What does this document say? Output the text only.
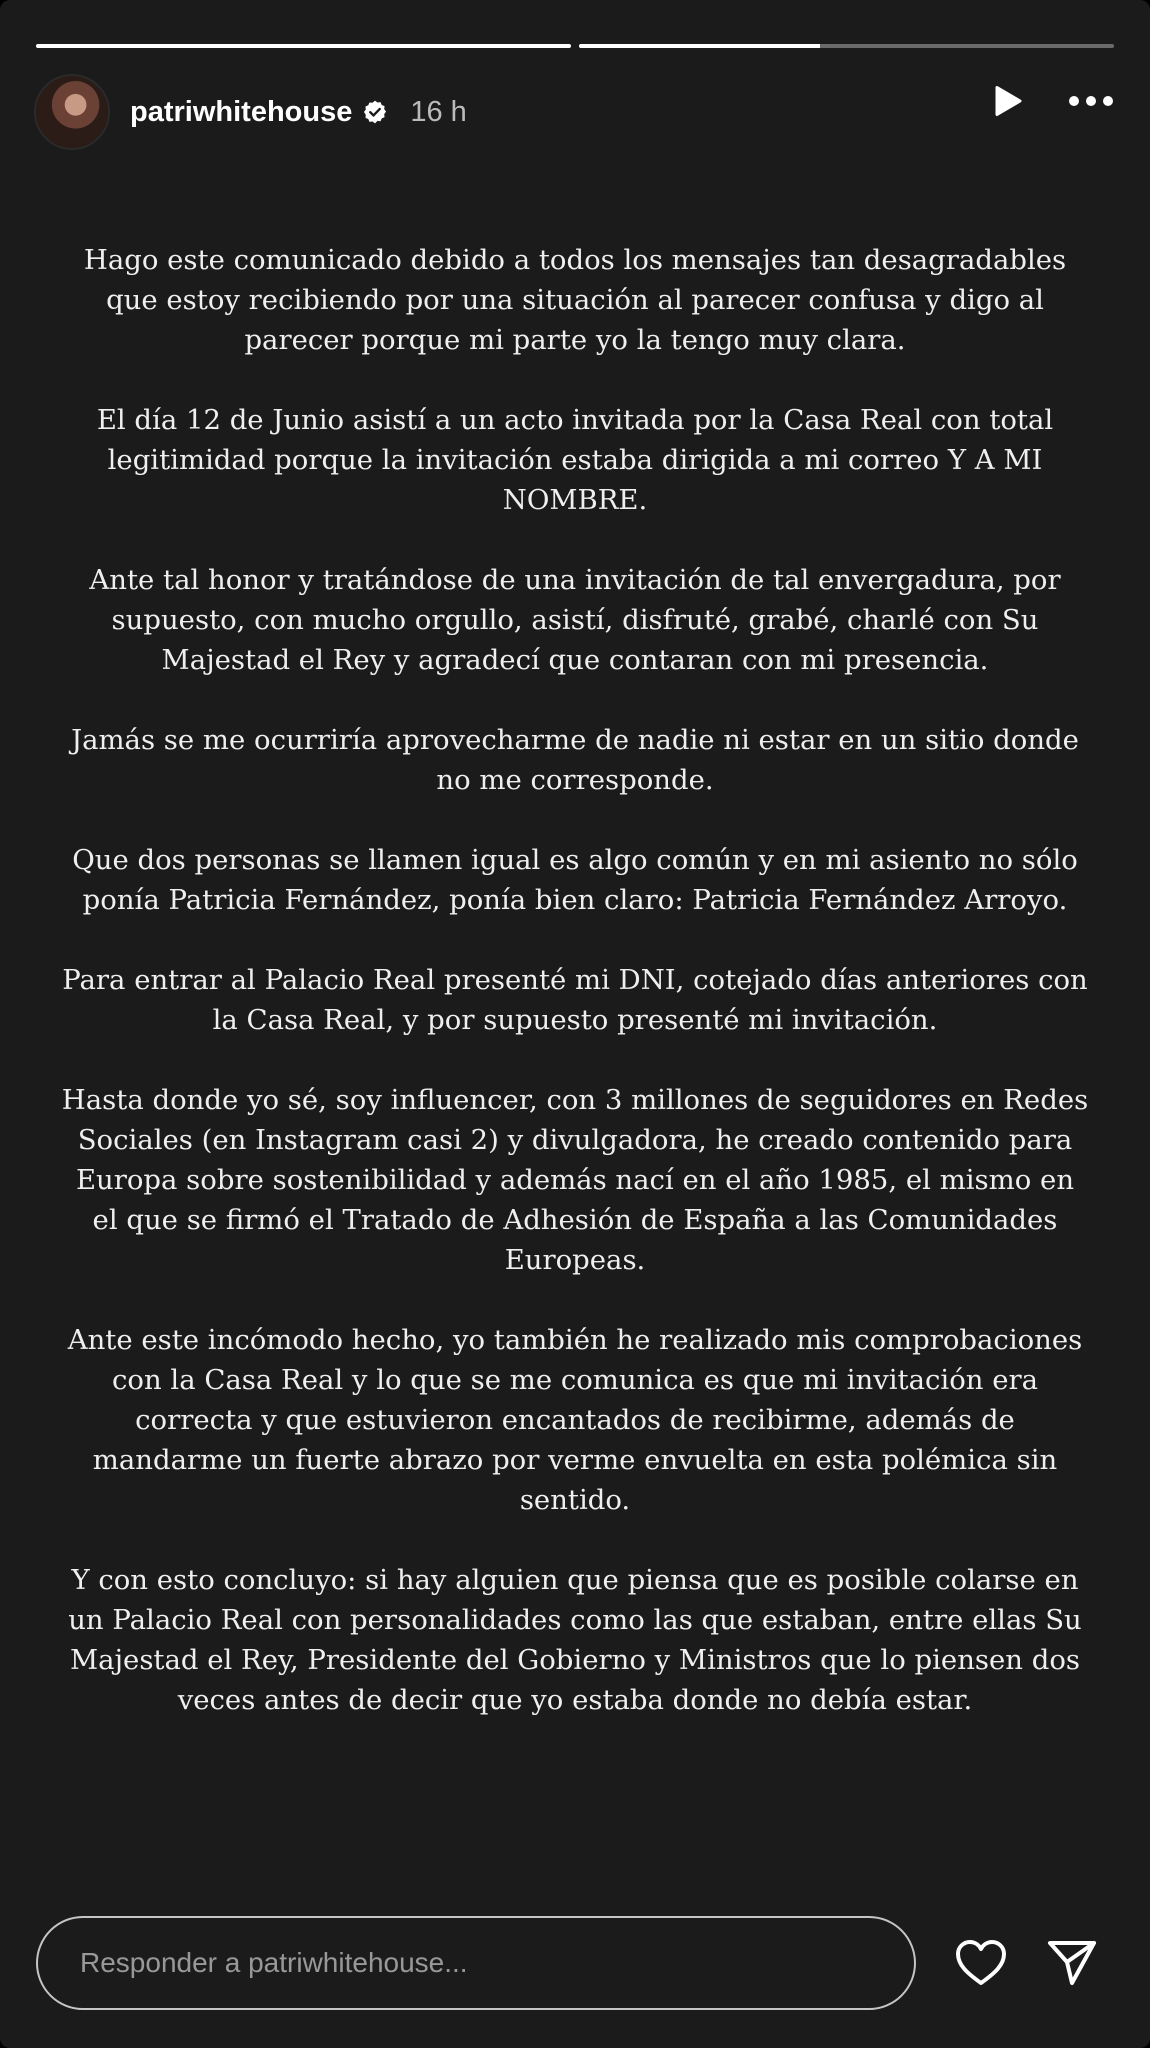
patriwhitehouse 16 h

Hago este comunicado debido a todos los mensajes tan desagradables que estoy recibiendo por una situación al parecer confusa y digo al parecer porque mi parte yo la tengo muy clara.

El día 12 de Junio asistí a un acto invitada por la Casa Real con total legitimidad porque la invitación estaba dirigida a mi correo Y A MI NOMBRE.

Ante tal honor y tratándose de una invitación de tal envergadura, por supuesto, con mucho orgullo, asistí, disfruté, grabé, charlé con Su Majestad el Rey y agradecí que contaran con mi presencia.

Jamás se me ocurriría aprovecharme de nadie ni estar en un sitio donde no me corresponde.

Que dos personas se llamen igual es algo común y en mi asiento no sólo ponía Patricia Fernández, ponía bien claro: Patricia Fernández Arroyo.

Para entrar al Palacio Real presenté mi DNI, cotejado días anteriores con la Casa Real, y por supuesto presenté mi invitación.

Hasta donde yo sé, soy influencer, con 3 millones de seguidores en Redes Sociales (en Instagram casi 2) y divulgadora, he creado contenido para Europa sobre sostenibilidad y además nací en el año 1985, el mismo en el que se firmó el Tratado de Adhesión de España a las Comunidades Europeas.

Ante este incómodo hecho, yo también he realizado mis comprobaciones con la Casa Real y lo que se me comunica es que mi invitación era correcta y que estuvieron encantados de recibirme, además de mandarme un fuerte abrazo por verme envuelta en esta polémica sin sentido.

Y con esto concluyo: si hay alguien que piensa que es posible colarse en un Palacio Real con personalidades como las que estaban, entre ellas Su Majestad el Rey, Presidente del Gobierno y Ministros que lo piensen dos veces antes de decir que yo estaba donde no debía estar.

Responder a patriwhitehouse...
